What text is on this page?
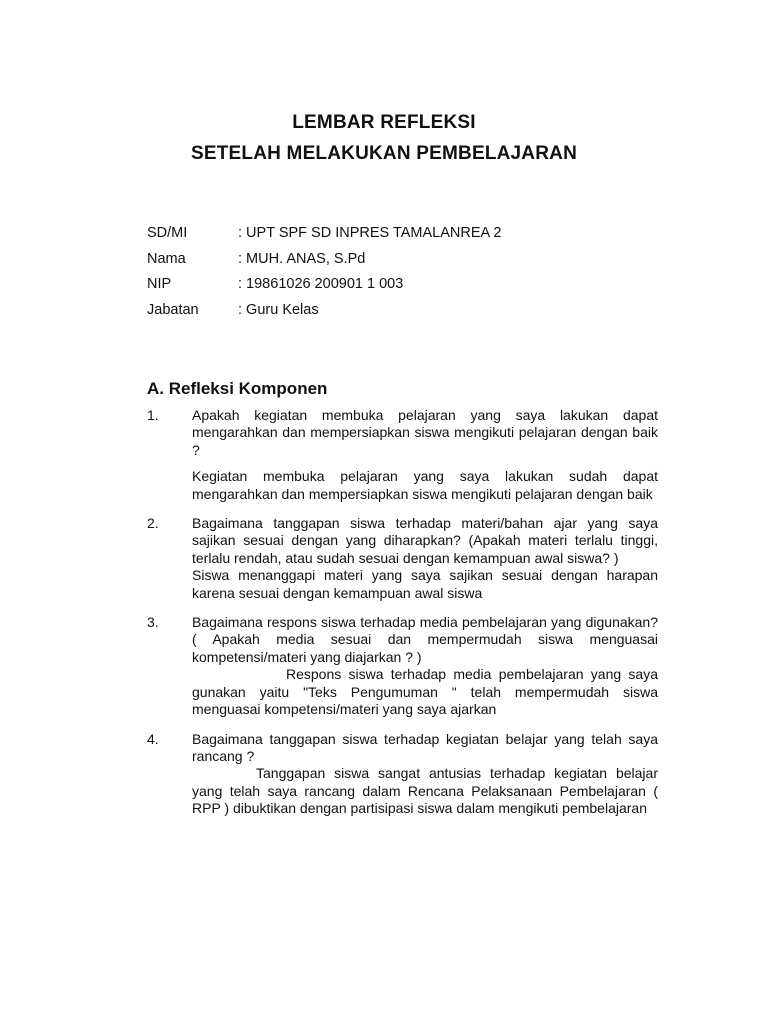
LEMBAR REFLEKSI
SETELAH MELAKUKAN PEMBELAJARAN
SD/MI	: UPT SPF SD INPRES TAMALANREA 2
Nama	: MUH. ANAS, S.Pd
NIP	: 19861026 200901 1 003
Jabatan	: Guru Kelas
A. Refleksi Komponen
1.	Apakah kegiatan membuka pelajaran yang saya lakukan dapat mengarahkan dan mempersiapkan siswa mengikuti pelajaran dengan baik ?
Kegiatan membuka pelajaran yang saya lakukan sudah dapat mengarahkan dan mempersiapkan siswa mengikuti pelajaran dengan baik
2.	Bagaimana tanggapan siswa terhadap materi/bahan ajar yang saya sajikan sesuai dengan yang diharapkan? (Apakah materi terlalu tinggi, terlalu rendah, atau sudah sesuai dengan kemampuan awal siswa? )
Siswa menanggapi materi yang saya sajikan sesuai dengan harapan karena sesuai dengan kemampuan awal siswa
3.	Bagaimana respons siswa terhadap media pembelajaran yang digunakan? ( Apakah media sesuai dan mempermudah siswa menguasai kompetensi/materi yang diajarkan ? )
Respons siswa terhadap media pembelajaran yang saya gunakan yaitu "Teks Pengumuman " telah mempermudah siswa menguasai kompetensi/materi yang saya ajarkan
4.	Bagaimana tanggapan siswa terhadap kegiatan belajar yang telah saya rancang ?
Tanggapan siswa sangat antusias terhadap kegiatan belajar yang telah saya rancang dalam Rencana Pelaksanaan Pembelajaran ( RPP ) dibuktikan dengan partisipasi siswa dalam mengikuti pembelajaran
